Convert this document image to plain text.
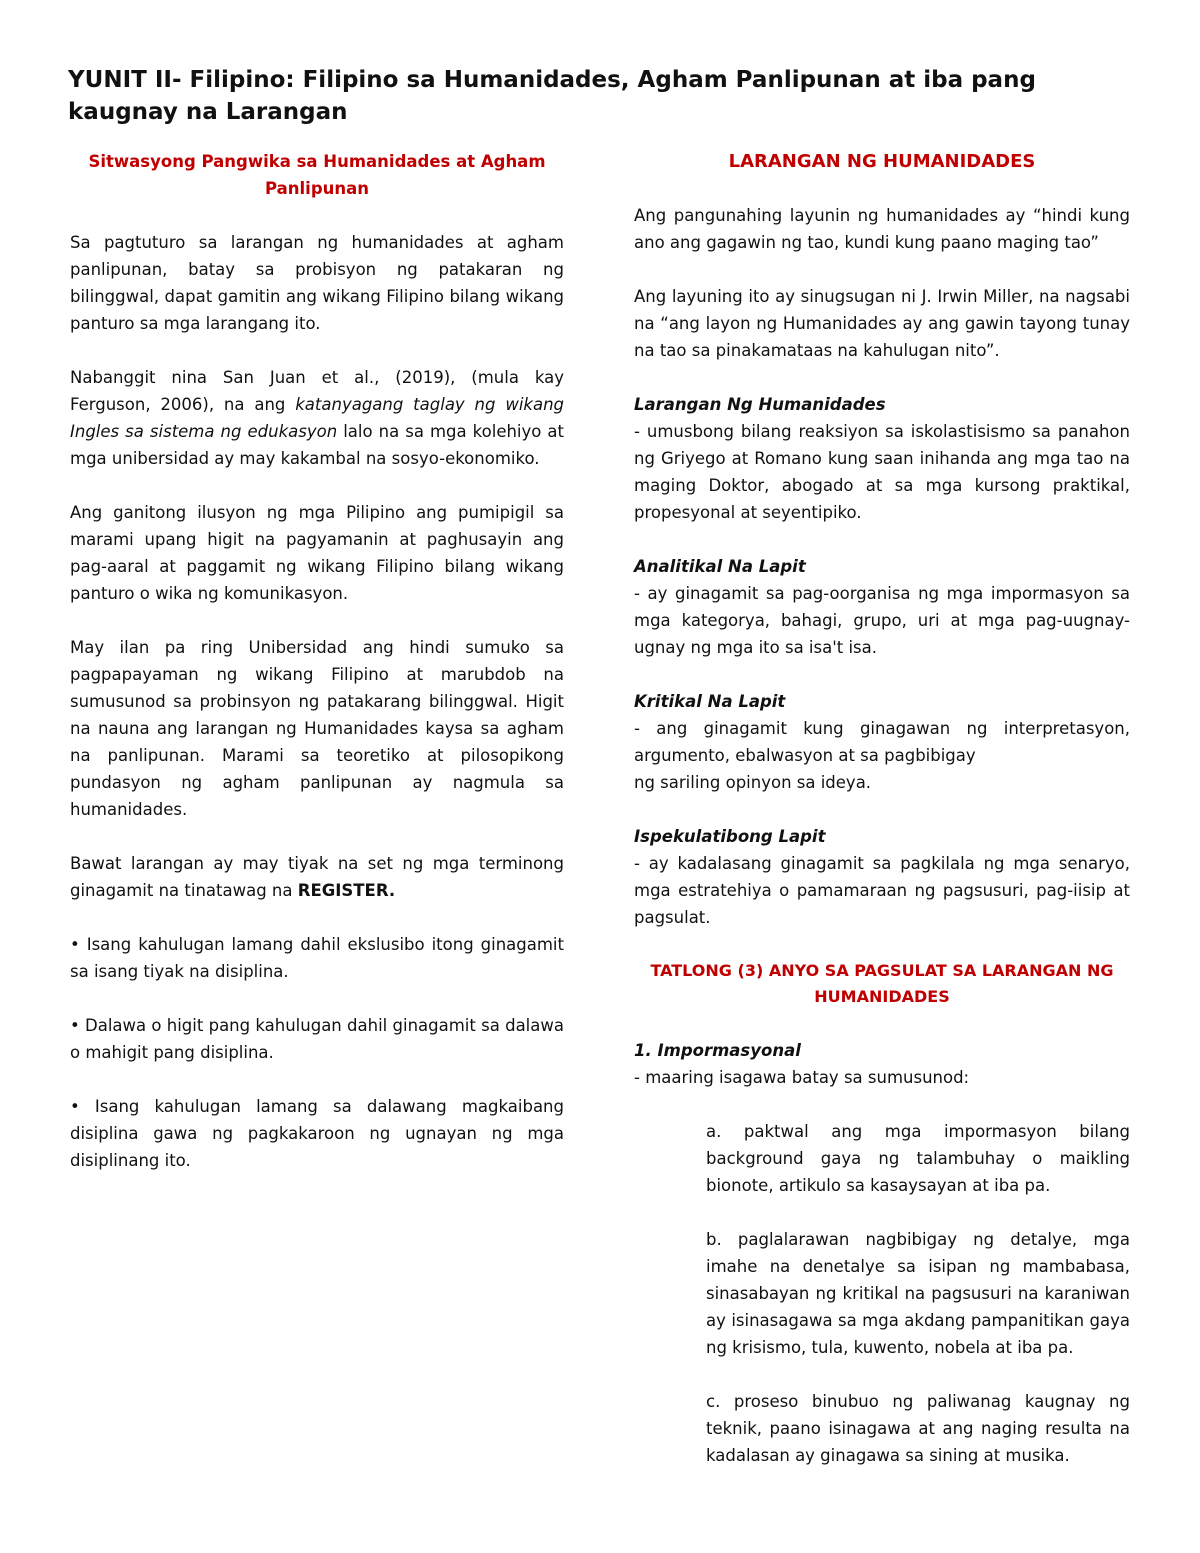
YUNIT II- Filipino: Filipino sa Humanidades, Agham Panlipunan at iba pang kaugnay na Larangan

Sitwasyong Pangwika sa Humanidades at Agham Panlipunan

Sa pagtuturo sa larangan ng humanidades at agham panlipunan, batay sa probisyon ng patakaran ng bilinggwal, dapat gamitin ang wikang Filipino bilang wikang panturo sa mga larangang ito.

Nabanggit nina San Juan et al., (2019), (mula kay Ferguson, 2006), na ang katanyagang taglay ng wikang Ingles sa sistema ng edukasyon lalo na sa mga kolehiyo at mga unibersidad ay may kakambal na sosyo-ekonomiko.

Ang ganitong ilusyon ng mga Pilipino ang pumipigil sa marami upang higit na pagyamanin at paghusayin ang pag-aaral at paggamit ng wikang Filipino bilang wikang panturo o wika ng komunikasyon.

May ilan pa ring Unibersidad ang hindi sumuko sa pagpapayaman ng wikang Filipino at marubdob na sumusunod sa probinsyon ng patakarang bilinggwal. Higit na nauna ang larangan ng Humanidades kaysa sa agham na panlipunan. Marami sa teoretiko at pilosopikong pundasyon ng agham panlipunan ay nagmula sa humanidades.

Bawat larangan ay may tiyak na set ng mga terminong ginagamit na tinatawag na REGISTER.

• Isang kahulugan lamang dahil ekslusibo itong ginagamit sa isang tiyak na disiplina.

• Dalawa o higit pang kahulugan dahil ginagamit sa dalawa o mahigit pang disiplina.

• Isang kahulugan lamang sa dalawang magkaibang disiplina gawa ng pagkakaroon ng ugnayan ng mga disiplinang ito.

LARANGAN NG HUMANIDADES

Ang pangunahing layunin ng humanidades ay “hindi kung ano ang gagawin ng tao, kundi kung paano maging tao”

Ang layuning ito ay sinugsugan ni J. Irwin Miller, na nagsabi na “ang layon ng Humanidades ay ang gawin tayong tunay na tao sa pinakamataas na kahulugan nito”.

Larangan Ng Humanidades

- umusbong bilang reaksiyon sa iskolastisismo sa panahon ng Griyego at Romano kung saan inihanda ang mga tao na maging Doktor, abogado at sa mga kursong praktikal, propesyonal at seyentipiko.

Analitikal Na Lapit

- ay ginagamit sa pag-oorganisa ng mga impormasyon sa mga kategorya, bahagi, grupo, uri at mga pag-uugnay-ugnay ng mga ito sa isa't isa.

Kritikal Na Lapit

- ang ginagamit kung ginagawan ng interpretasyon, argumento, ebalwasyon at sa pagbibigay

ng sariling opinyon sa ideya.

Ispekulatibong Lapit

- ay kadalasang ginagamit sa pagkilala ng mga senaryo, mga estratehiya o pamamaraan ng pagsusuri, pag-iisip at pagsulat.

TATLONG (3) ANYO SA PAGSULAT SA LARANGAN NG HUMANIDADES

1. Impormasyonal

- maaring isagawa batay sa sumusunod:

a. paktwal ang mga impormasyon bilang background gaya ng talambuhay o maikling bionote, artikulo sa kasaysayan at iba pa.

b. paglalarawan nagbibigay ng detalye, mga imahe na denetalye sa isipan ng mambabasa, sinasabayan ng kritikal na pagsusuri na karaniwan ay isinasagawa sa mga akdang pampanitikan gaya ng krisismo, tula, kuwento, nobela at iba pa.

c. proseso binubuo ng paliwanag kaugnay ng teknik, paano isinagawa at ang naging resulta na kadalasan ay ginagawa sa sining at musika.
